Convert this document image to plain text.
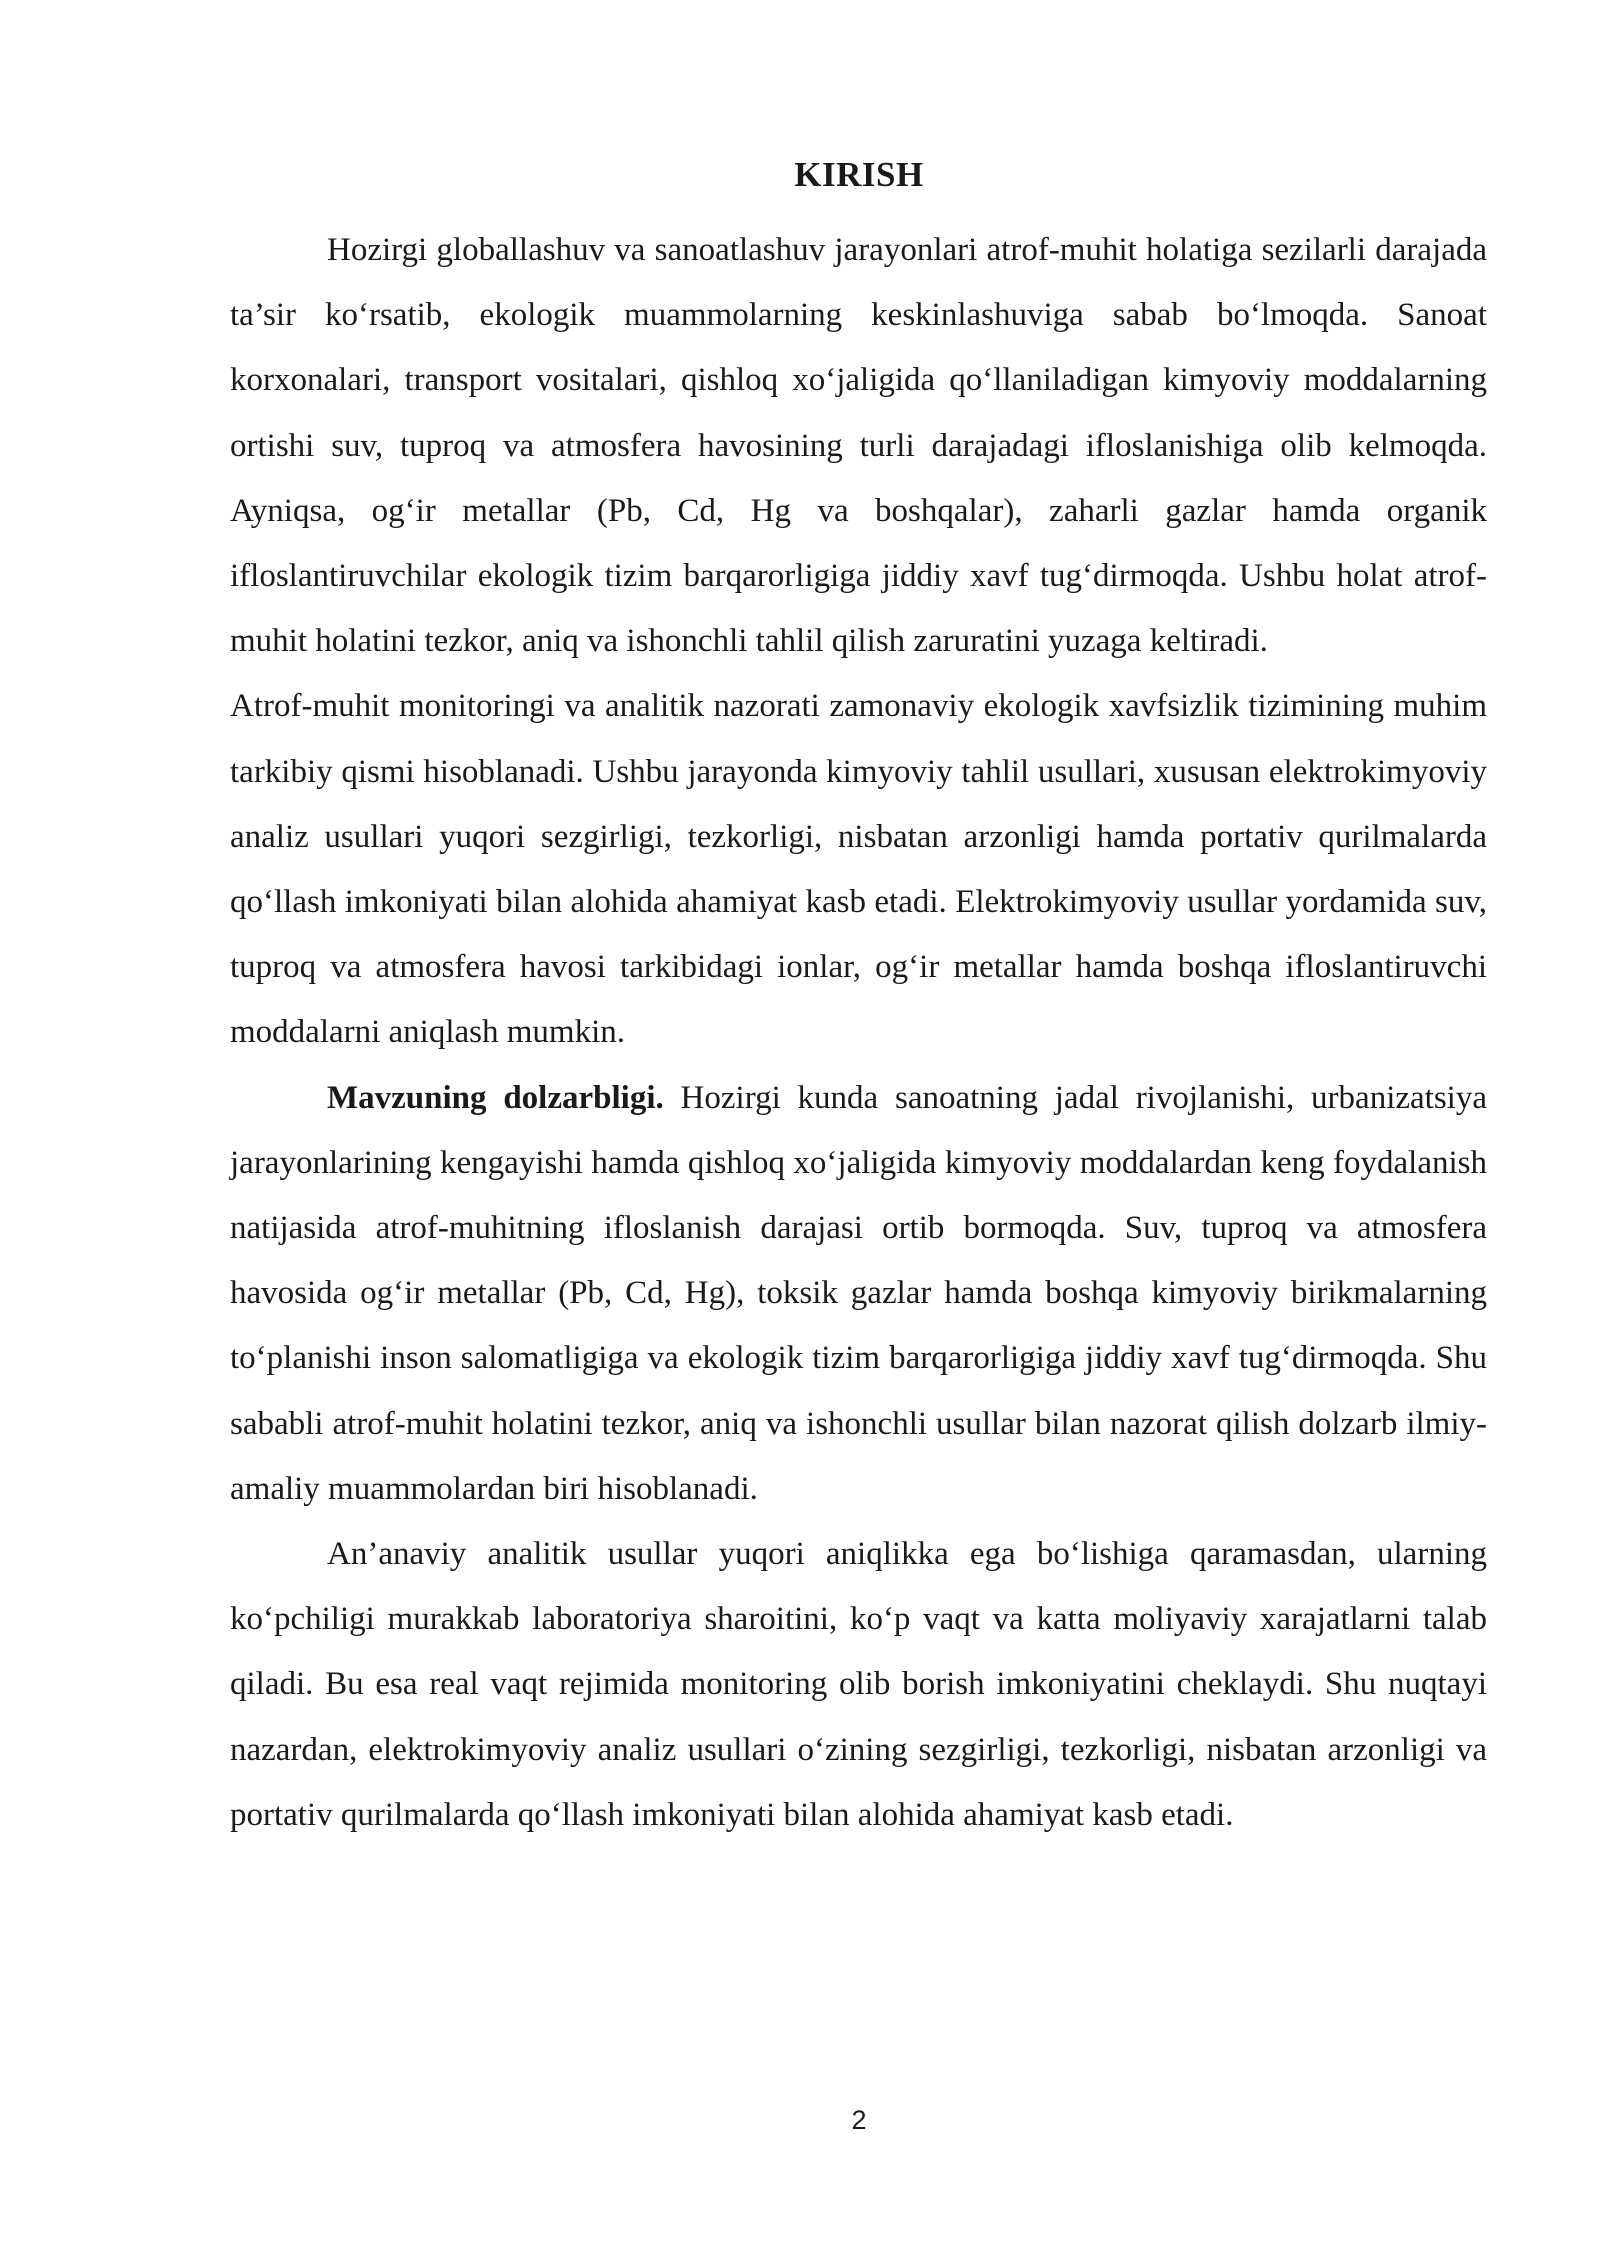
KIRISH

Hozirgi globallashuv va sanoatlashuv jarayonlari atrof-muhit holatiga sezilarli darajada ta’sir ko‘rsatib, ekologik muammolarning keskinlashuviga sabab bo‘lmoqda. Sanoat korxonalari, transport vositalari, qishloq xo‘jaligida qo‘llaniladigan kimyoviy moddalarning ortishi suv, tuproq va atmosfera havosining turli darajadagi ifloslanishiga olib kelmoqda. Ayniqsa, og‘ir metallar (Pb, Cd, Hg va boshqalar), zaharli gazlar hamda organik ifloslantiruvchilar ekologik tizim barqarorligiga jiddiy xavf tug‘dirmoqda. Ushbu holat atrof-muhit holatini tezkor, aniq va ishonchli tahlil qilish zaruratini yuzaga keltiradi.

Atrof-muhit monitoringi va analitik nazorati zamonaviy ekologik xavfsizlik tizimining muhim tarkibiy qismi hisoblanadi. Ushbu jarayonda kimyoviy tahlil usullari, xususan elektrokimyoviy analiz usullari yuqori sezgirligi, tezkorligi, nisbatan arzonligi hamda portativ qurilmalarda qo‘llash imkoniyati bilan alohida ahamiyat kasb etadi. Elektrokimyoviy usullar yordamida suv, tuproq va atmosfera havosi tarkibidagi ionlar, og‘ir metallar hamda boshqa ifloslantiruvchi moddalarni aniqlash mumkin.

Mavzuning dolzarbligi. Hozirgi kunda sanoatning jadal rivojlanishi, urbanizatsiya jarayonlarining kengayishi hamda qishloq xo‘jaligida kimyoviy moddalardan keng foydalanish natijasida atrof-muhitning ifloslanish darajasi ortib bormoqda. Suv, tuproq va atmosfera havosida og‘ir metallar (Pb, Cd, Hg), toksik gazlar hamda boshqa kimyoviy birikmalarning to‘planishi inson salomatligiga va ekologik tizim barqarorligiga jiddiy xavf tug‘dirmoqda. Shu sababli atrof-muhit holatini tezkor, aniq va ishonchli usullar bilan nazorat qilish dolzarb ilmiy-amaliy muammolardan biri hisoblanadi.

An’anaviy analitik usullar yuqori aniqlikka ega bo‘lishiga qaramasdan, ularning ko‘pchiligi murakkab laboratoriya sharoitini, ko‘p vaqt va katta moliyaviy xarajatlarni talab qiladi. Bu esa real vaqt rejimida monitoring olib borish imkoniyatini cheklaydi. Shu nuqtayi nazardan, elektrokimyoviy analiz usullari o‘zining sezgirligi, tezkorligi, nisbatan arzonligi va portativ qurilmalarda qo‘llash imkoniyati bilan alohida ahamiyat kasb etadi.

2
